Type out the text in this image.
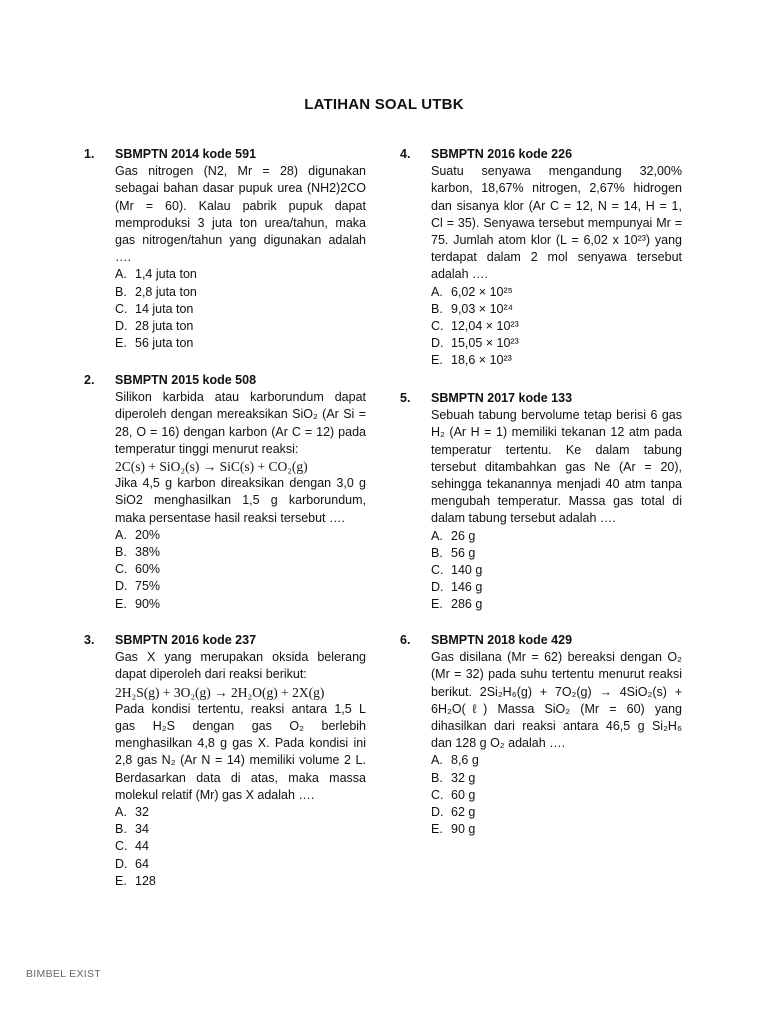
LATIHAN SOAL UTBK
1.	SBMPTN 2014 kode 591
Gas nitrogen (N2, Mr = 28) digunakan sebagai bahan dasar pupuk urea (NH2)2CO (Mr = 60). Kalau pabrik pupuk dapat memproduksi 3 juta ton urea/tahun, maka gas nitrogen/tahun yang digunakan adalah ….
A. 1,4 juta ton
B. 2,8 juta ton
C. 14 juta ton
D. 28 juta ton
E. 56 juta ton
2.	SBMPTN 2015 kode 508
Silikon karbida atau karborundum dapat diperoleh dengan mereaksikan SiO₂ (Ar Si = 28, O = 16) dengan karbon (Ar C = 12) pada temperatur tinggi menurut reaksi:
2C(s) + SiO₂(s) → SiC(s) + CO₂(g)
Jika 4,5 g karbon direaksikan dengan 3,0 g SiO2 menghasilkan 1,5 g karborundum, maka persentase hasil reaksi tersebut ….
A. 20%
B. 38%
C. 60%
D. 75%
E. 90%
3.	SBMPTN 2016 kode 237
Gas X yang merupakan oksida belerang dapat diperoleh dari reaksi berikut:
2H₂S(g) + 3O₂(g) → 2H₂O(g) + 2X(g)
Pada kondisi tertentu, reaksi antara 1,5 L gas H₂S dengan gas O₂ berlebih menghasilkan 4,8 g gas X. Pada kondisi ini 2,8 gas N₂ (Ar N = 14) memiliki volume 2 L. Berdasarkan data di atas, maka massa molekul relatif (Mr) gas X adalah ….
A. 32
B. 34
C. 44
D. 64
E. 128
4.	SBMPTN 2016 kode 226
Suatu senyawa mengandung 32,00% karbon, 18,67% nitrogen, 2,67% hidrogen dan sisanya klor (Ar C = 12, N = 14, H = 1, Cl = 35). Senyawa tersebut mempunyai Mr = 75. Jumlah atom klor (L = 6,02 x 10²³) yang terdapat dalam 2 mol senyawa tersebut adalah ….
A. 6,02 × 10²⁵
B. 9,03 × 10²⁴
C. 12,04 × 10²³
D. 15,05 × 10²³
E. 18,6 × 10²³
5.	SBMPTN 2017 kode 133
Sebuah tabung bervolume tetap berisi 6 gas H₂ (Ar H = 1) memiliki tekanan 12 atm pada temperatur tertentu. Ke dalam tabung tersebut ditambahkan gas Ne (Ar = 20), sehingga tekanannya menjadi 40 atm tanpa mengubah temperatur. Massa gas total di dalam tabung tersebut adalah ….
A. 26 g
B. 56 g
C. 140 g
D. 146 g
E. 286 g
6.	SBMPTN 2018 kode 429
Gas disilana (Mr = 62) bereaksi dengan O₂ (Mr = 32) pada suhu tertentu menurut reaksi berikut. 2Si₂H₆(g) + 7O₂(g) → 4SiO₂(s) + 6H₂O(ℓ) Massa SiO₂ (Mr = 60) yang dihasilkan dari reaksi antara 46,5 g Si₂H₆ dan 128 g O₂ adalah ….
A. 8,6 g
B. 32 g
C. 60 g
D. 62 g
E. 90 g
BIMBEL EXIST
